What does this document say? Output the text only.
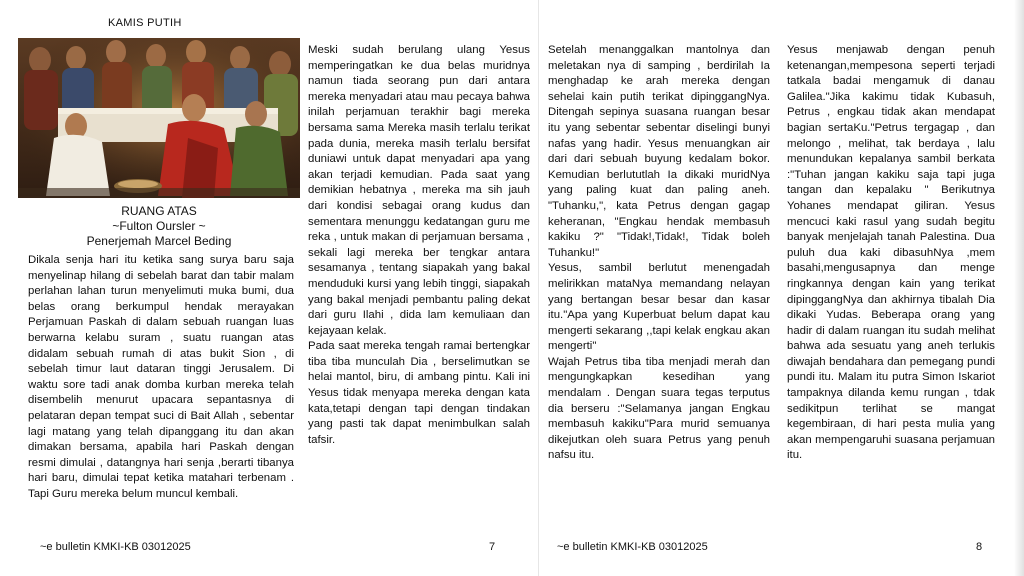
KAMIS PUTIH
RUANG ATAS
~Fulton Oursler ~
Penerjemah Marcel Beding

Dikala senja hari itu ketika sang surya baru saja menyelinap hilang di sebelah barat dan tabir malam perlahan lahan turun menyelimuti muka bumi, dua belas orang berkumpul hendak merayakan Perjamuan Paskah di dalam sebuah ruangan luas berwarna kelabu suram , suatu ruangan atas didalam sebuah rumah di atas bukit Sion , di sebelah timur laut dataran tinggi Jerusalem. Di waktu sore tadi anak domba kurban mereka telah disembelih menurut upacara sepantasnya di pelataran depan tempat suci di Bait Allah , sebentar lagi matang yang telah dipanggang itu dan akan dimakan bersama, apabila hari Paskah dengan resmi dimulai , datangnya hari senja ,berarti tibanya hari baru, dimulai tepat ketika matahari terbenam . Tapi Guru mereka belum muncul kembali.

Meski sudah berulang ulang Yesus memperingatkan ke dua belas muridnya namun tiada seorang pun dari antara mereka menyadari atau mau pecaya bahwa inilah perjamuan terakhir bagi mereka bersama sama Mereka masih terlalu terikat pada dunia, mereka masih terlalu bersifat duniawi untuk dapat menyadari apa yang akan terjadi kemudian. Pada saat yang demikian hebatnya , mereka ma sih jauh dari kondisi sebagai orang kudus dan sementara menunggu kedatangan guru me reka , untuk makan di perjamuan bersama , sekali lagi mereka ber tengkar antara sesamanya , tentang siapakah yang bakal menduduki kursi yang lebih tinggi, siapakah yang bakal menjadi pembantu paling dekat dari guru Ilahi , dida lam kemuliaan dan kejayaan kelak.

Pada saat mereka tengah ramai bertengkar tiba tiba munculah Dia , berselimutkan se helai mantol, biru, di ambang pintu. Kali ini Yesus tidak menyapa mereka dengan kata kata,tetapi dengan tapi dengan tindakan yang pasti tak dapat menimbulkan salah tafsir.

Setelah menanggalkan mantolnya dan meletakan nya di samping , berdirilah Ia menghadap ke arah mereka dengan sehelai kain putih terikat dipinggangNya. Ditengah sepinya suasana ruangan besar itu yang sebentar sebentar diselingi bunyi nafas yang hadir. Yesus menuangkan air dari dari sebuah buyung kedalam bokor. Kemudian berlututlah Ia dikaki muridNya yang paling kuat dan paling aneh. "Tuhanku,", kata Petrus dengan gagap keheranan, "Engkau hendak membasuh kakiku ?" "Tidak!,Tidak!, Tidak boleh Tuhanku!"

Yesus, sambil berlutut menengadah melirikkan mataNya memandang nelayan yang bertangan besar besar dan kasar itu."Apa yang Kuperbuat belum dapat kau mengerti sekarang ,,tapi kelak engkau akan mengerti"

Wajah Petrus tiba tiba menjadi merah dan mengungkapkan kesedihan yang mendalam . Dengan suara tegas terputus dia berseru :"Selamanya jangan Engkau membasuh kakiku"Para murid semuanya dikejutkan oleh suara Petrus yang penuh nafsu itu.

Yesus menjawab dengan penuh ketenangan,mempesona seperti terjadi tatkala badai mengamuk di danau Galilea."Jika kakimu tidak Kubasuh, Petrus , engkau tidak akan mendapat bagian sertaKu."Petrus tergagap , dan melongo , melihat, tak berdaya , lalu menundukan kepalanya sambil berkata :"Tuhan jangan kakiku saja tapi juga tangan dan kepalaku " Berikutnya Yohanes mendapat giliran. Yesus mencuci kaki rasul yang sudah begitu banyak menjelajah tanah Palestina. Dua puluh dua kaki dibasuhNya ,mem basahi,mengusapnya dan menge ringkannya dengan kain yang terikat dipinggangNya dan akhirnya tibalah Dia dikaki Yudas. Beberapa orang yang hadir di dalam ruangan itu sudah melihat bahwa ada sesuatu yang aneh terlukis diwajah bendahara dan pemegang pundi pundi itu. Malam itu putra Simon Iskariot tampaknya dilanda kemu rungan , tdak sedikitpun terlihat se mangat kegembiraan, di hari pesta mulia yang akan mempengaruhi suasana perjamuan itu.

~e bulletin KMKI-KB 03012025	7	~e bulletin KMKI-KB 03012025	8
